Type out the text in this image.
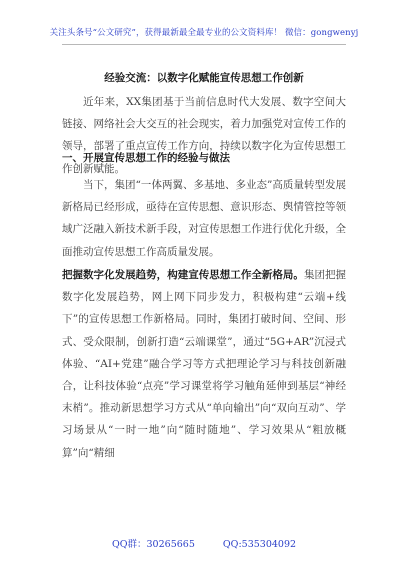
关注头条号“公文研究”，获得最新最全最专业的公文资料库！ 微信：gongwenyj
经验交流：以数字化赋能宣传思想工作创新

近年来，XX集团基于当前信息时代大发展、数字空间大链接、网络社会大交互的社会现实，着力加强党对宣传工作的领导，部署了重点宣传工作方向，持续以数字化为宣传思想工作创新赋能。

一、开展宣传思想工作的经验与做法

当下，集团“一体两翼、多基地、多业态”高质量转型发展新格局已经形成，亟待在宣传思想、意识形态、舆情管控等领域广泛融入新技术新手段，对宣传思想工作进行优化升级，全面推动宣传思想工作高质量发展。

把握数字化发展趋势，构建宣传思想工作全新格局。集团把握数字化发展趋势，网上网下同步发力，积极构建“云端+线下”的宣传思想工作新格局。同时，集团打破时间、空间、形式、受众限制，创新打造“云端课堂”，通过“5G+AR”沉浸式体验、“AI+党建”融合学习等方式把理论学习与科技创新融合，让科技体验“点亮”学习课堂将学习触角延伸到基层“神经末梢”。推动新思想学习方式从“单向输出”向“双向互动”、学习场景从“一时一地”向“随时随地”、学习效果从“粗放概算”向“精细

QQ群：30265665	QQ:535304092
